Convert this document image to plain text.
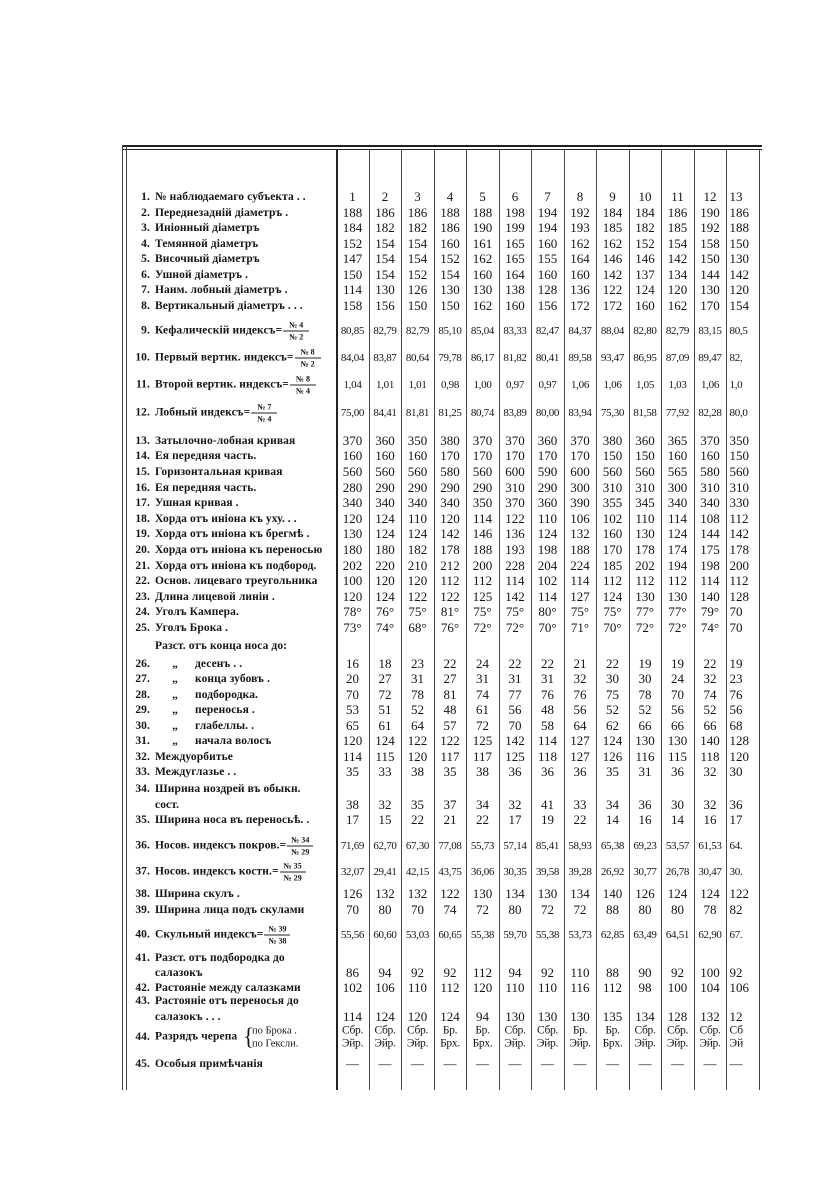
Разст. отъ конца носа до:
1. № наблюдаемаго субъекта . .	1	2	3	4	5	6	7	8	9	10	11	12	13
2. Переднезадній діаметръ .	188	186	186	188	188	198	194	192	184	184	186	190 186
3. Иніонный діаметръ	184	182	182	186	190	199	194	193	185	182	185	192 188
4. Темянной діаметръ	152	154	154	160	161	165	160	162	162	152	154	158 150
5. Височный діаметръ	147	154	154	152	162	165	155	164	146	146	142	150 130
6. Ушной діаметръ .	150	154	152	154	160	164	160	160	142	137	134	144 142
7. Наим. лобный діаметръ .	114	130	126	130	130	138	128	136	122	124	120	130 120
8. Вертикальный діаметръ . . .	158	156	150	150	162	160	156	172	172	160	162	170 154
9. Кефалическій индексъ= $\frac{№ 4}{№ 2}$	80,85 82,79 82,79 85,10 85,04 83,33 82,47 84,37 88,04 82,80 82,79 83,15 80,5
10. Первый вертик. индексъ= $\frac{№ 8}{№ 2}$	84,04 83,87 80,64 79,78 86,17 81,82 80,41 89,58 93,47 86,95 87,09 89,47 82,
11. Второй вертик. индексъ= $\frac{№ 8}{№ 4}$	1,04	1,01	1,01	0,98	1,00	0,97	0,97	1,06	1,06	1,05	1,03	1,06 1,0
12. Лобный индексъ= $\frac{№ 7}{№ 4}$	75,00 84,41 81,81 81,25 80,74 83,89 80,00 83,94 75,30 81,58 77,92 82,28 80,0
13. Затылочно-лобная кривая	370	360	350	380	370	370	360	370	380	360	365	370 350
14. Ея передняя часть.	160	160	160	170	170	170	170	170	150	150	160	160 150
15. Горизонтальная кривая	560	560	560	580	560	600	590	600	560	560	565	580 560
16. Ея передняя часть.	280	290	290	290	290	310	290	300	310	310	300	310 310
17. Ушная кривая .	340	340	340	340	350	370	360	390	355	345	340	340 330
18. Хорда отъ иніона къ уху. . .	120	124	110	120	114	122	110	106	102	110	114	108 112
19. Хорда отъ иніона къ брегмѣ .	130	124	124	142	146	136	124	132	160	130	124	144 142
20. Хорда отъ иніона къ переносью	180	180	182	178	188	193	198	188	170	178	174	175 178
21. Хорда отъ иніона къ подбород.	202	220	210	212	200	228	204	224	185	202	194	198 200
22. Основ. лицеваго треугольника	100	120	120	112	112	114	102	114	112	112	112	114 112
23. Длина лицевой линіи .	120	124	122	122	125	142	114	127	124	130	130	140 128
24. Уголъ Кампера.	78°	76°	75°	81°	75°	75°	80°	75°	75°	77°	77°	79° 70
25. Уголъ Брока .	73°	74°	68°	76°	72°	72°	70°	71°	70°	72°	72°	74° 70
26. „ десенъ . .	16	18	23	22	24	22	22	21	22	19	19	22	19
27. „ конца зубовъ .	20	27	31	27	31	31	31	32	30	30	24	32	23
28. „ подбородка.	70	72	78	81	74	77	76	76	75	78	70	74	76
29. „ переносья .	53	51	52	48	61	56	48	56	52	52	56	52	56
30. „ глабеллы. .	65	61	64	57	72	70	58	64	62	66	66	66	68
31. „ начала волосъ	120	124	122	122	125	142	114	127	124	130	130	140 128
32. Междуорбитье	114	115	120	117	117	125	118	127	126	116	115	118 120
33. Междуглазье . .	35	33	38	35	38	36	36	36	35	31	36	32	30
34. Ширина ноздрей въ обыкн.
сост.	38	32	35	37	34	32	41	33	34	36	30	32	36
35. Ширина носа въ переносьѣ. .	17	15	22	21	22	17	19	22	14	16	14	16	17
36. Носов. индексъ покров.= $\frac{№ 34}{№ 29}$	71,69 62,70 67,30 77,08 55,73 57,14 85,41 58,93 65,38 69,23 53,57 61,53 64.
37. Носов. индексъ костн.= $\frac{№ 35}{№ 29}$	32,07 29,41 42,15 43,75 36,06 30,35 39,58 39,28 26,92 30,77 26,78 30,47 30.
38. Ширина скулъ .	126	132	132	122	130	134	130	134	140	126	124	124 122
39. Ширина лица подъ скулами	70	80	70	74	72	80	72	72	88	80	80	78	82
40. Скульный индексъ= $\frac{№ 39}{№ 38}$	55,56 60,60 53,03 60,65 55,38 59,70 55,38 53,73 62,85 63,49 64,51 62,90 67.
41. Разст. отъ подбородка до
салазокъ	86	94	92	92	112	94	92	110	88	90	92	100 92
42. Растояніе между салазками	102	106	110	112	120	110	110	116	112	98	100	104 106
43. Растояніе отъ переносья до
салазокъ . . .	114	124	120	124	94	130	130	130	135	134	128	132 12
44. Разрядъ черепа {
по Брока .
по Гексли.
Сбр. Сбр. Сбр.	Бр.	Бр.	Сбр. Сбр.	Бр.	Бр.	Сбр. Сбр. Сбр. Сб
Эйр. Эйр. Эйр.	Брх.	Брх.	Эйр. Эйр. Эйр.	Брх.	Эйр. Эйр. Эйр. Эй
45. Особыя примѣчанія	—	—	—	—	—	—	—	—	—	—	—	—	—
